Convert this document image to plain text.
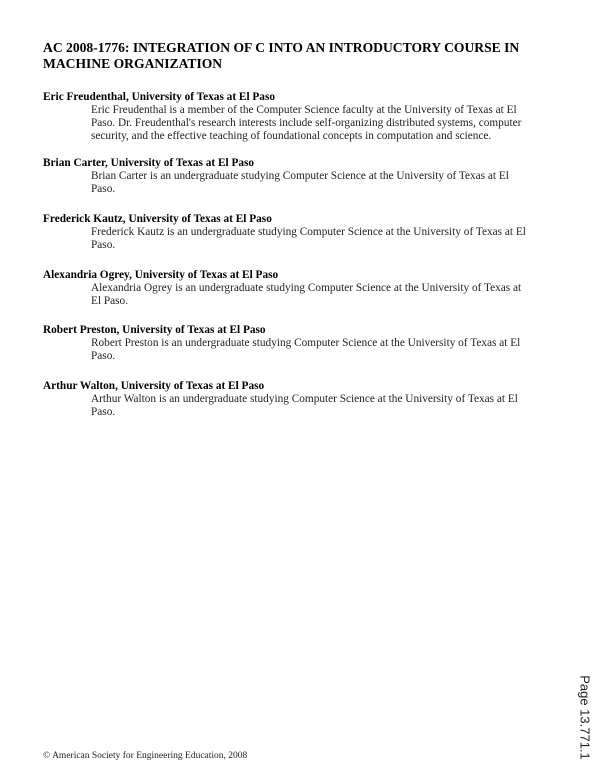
AC 2008-1776: INTEGRATION OF C INTO AN INTRODUCTORY COURSE IN
MACHINE ORGANIZATION
Eric Freudenthal, University of Texas at El Paso

Eric Freudenthal is a member of the Computer Science faculty at the University of Texas at El
Paso. Dr. Freudenthal's research interests include self-organizing distributed systems, computer
security, and the effective teaching of foundational concepts in computation and science.

Brian Carter, University of Texas at El Paso

Brian Carter is an undergraduate studying Computer Science at the University of Texas at El
Paso.

Frederick Kautz, University of Texas at El Paso

Frederick Kautz is an undergraduate studying Computer Science at the University of Texas at El
Paso.

Alexandria Ogrey, University of Texas at El Paso

Alexandria Ogrey is an undergraduate studying Computer Science at the University of Texas at
El Paso.

Robert Preston, University of Texas at El Paso

Robert Preston is an undergraduate studying Computer Science at the University of Texas at El
Paso.

Arthur Walton, University of Texas at El Paso

Arthur Walton is an undergraduate studying Computer Science at the University of Texas at El
Paso.

© American Society for Engineering Education, 2008	Page 13.771.1
